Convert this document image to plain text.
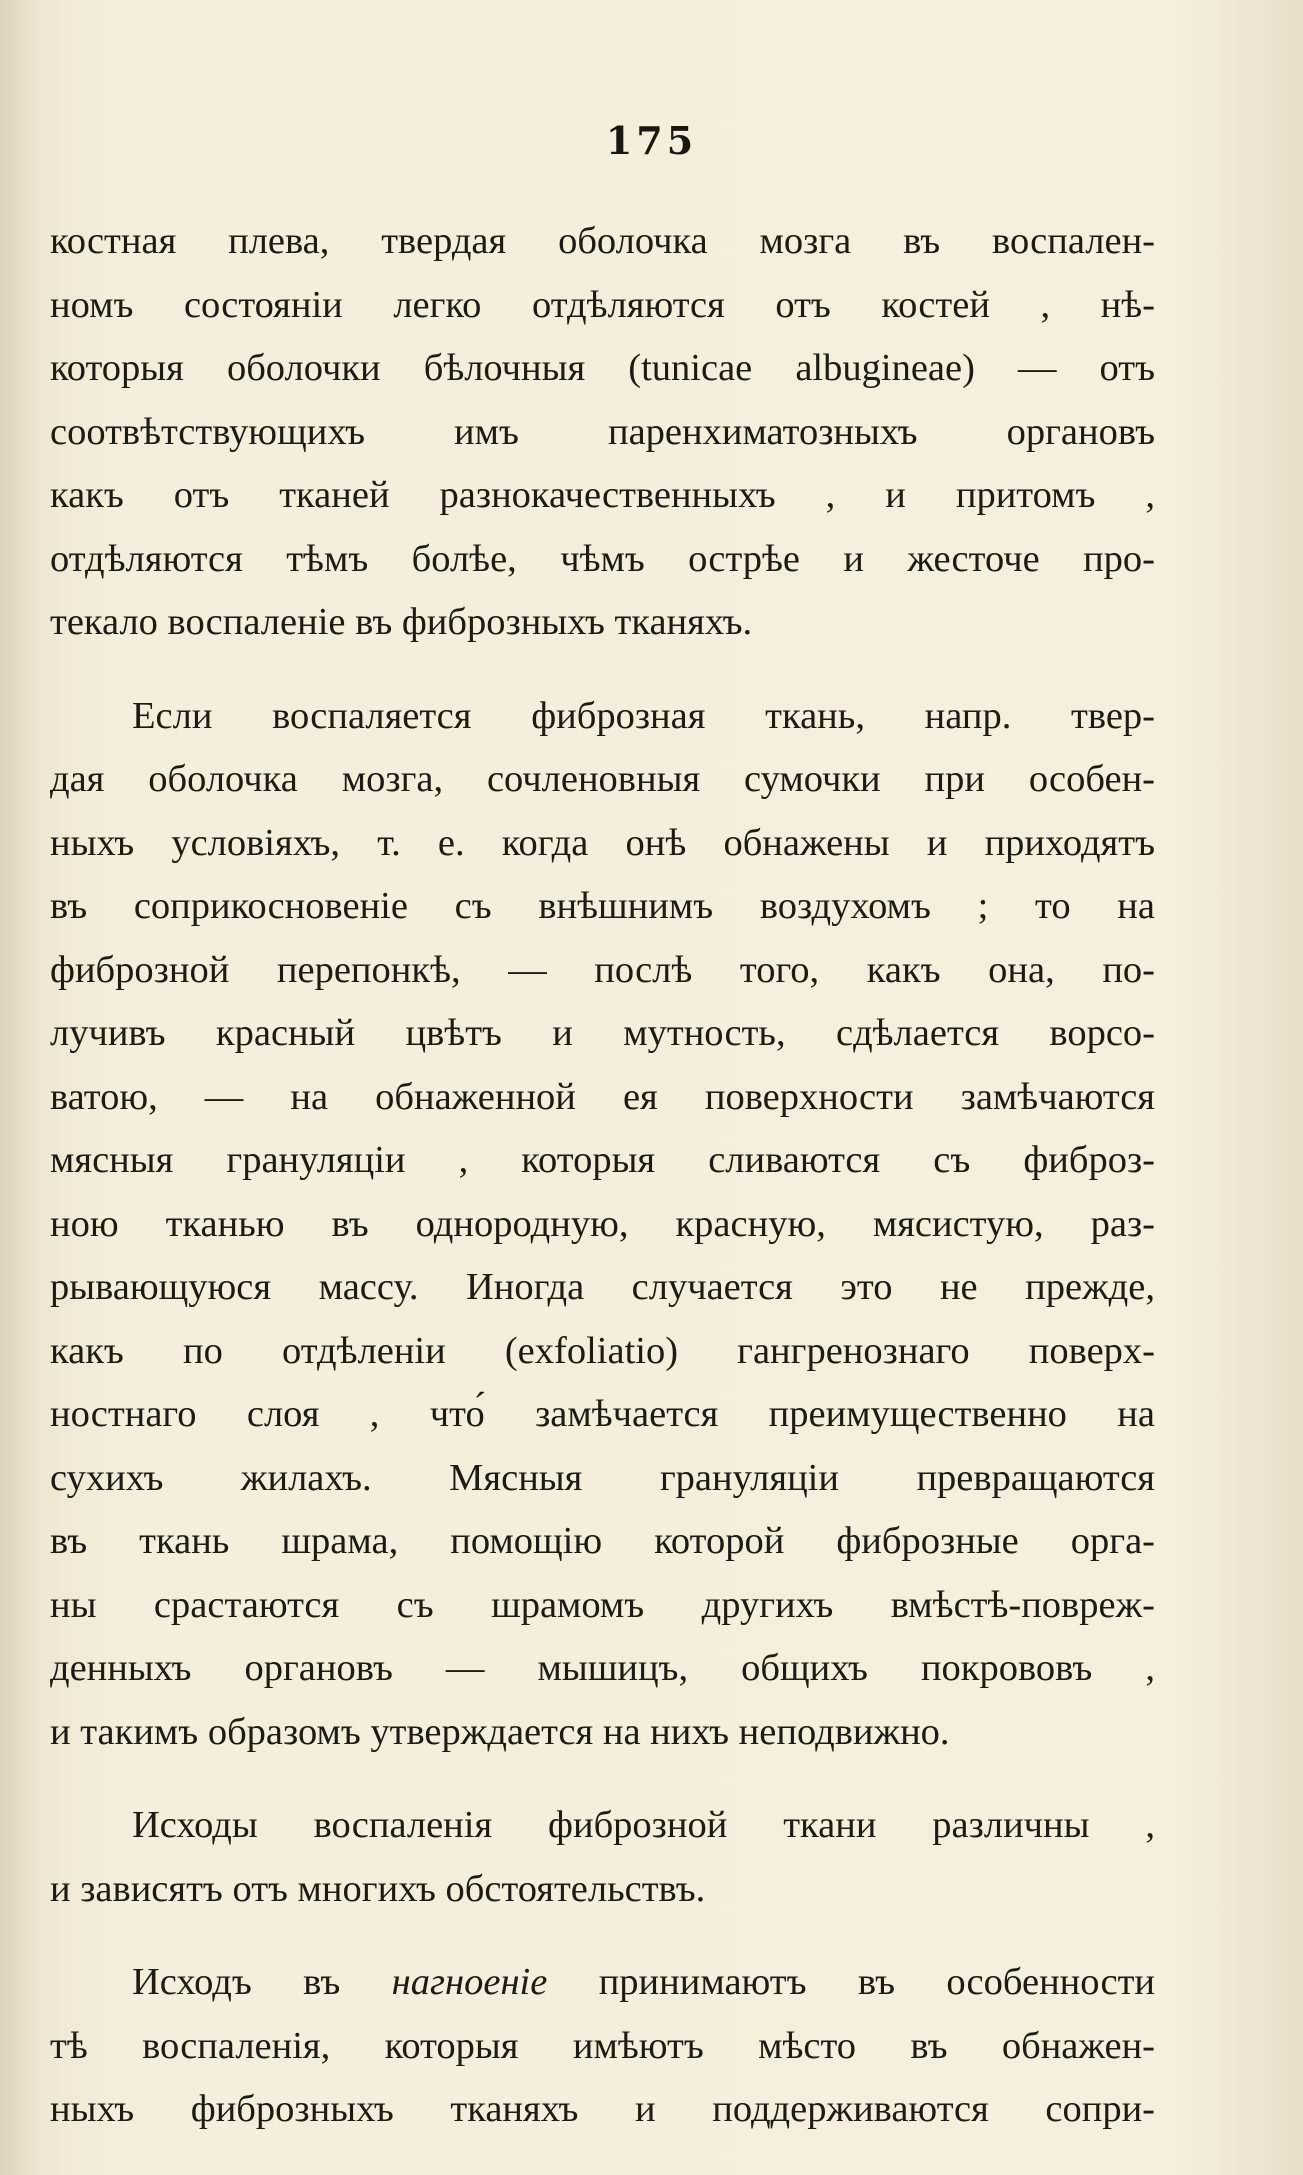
175
костная плева, твердая оболочка мозга въ воспален-
номъ состоянiи легко отдѣляются отъ костей , нѣ-
которыя оболочки бѣлочныя (tunicae albugineae) — отъ
соотвѣтствующихъ имъ паренхиматозныхъ органовъ
какъ отъ тканей разнокачественныхъ , и притомъ ,
отдѣляются тѣмъ болѣе, чѣмъ острѣе и жесточе про-
текало воспаленiе въ фиброзныхъ тканяхъ.
Если воспаляется фиброзная ткань, напр. твер-
дая оболочка мозга, сочленовныя сумочки при особен-
ныхъ условiяхъ, т. е. когда онѣ обнажены и приходятъ
въ соприкосновенiе съ внѣшнимъ воздухомъ ; то на
фиброзной перепонкѣ, — послѣ того, какъ она, по-
лучивъ красный цвѣтъ и мутность, сдѣлается ворсо-
ватою, — на обнаженной ея поверхности замѣчаются
мясныя грануляцiи , которыя сливаются съ фиброз-
ною тканью въ однородную, красную, мясистую, раз-
рывающуюся массу. Иногда случается это не прежде,
какъ по отдѣленiи (exfoliatio) гангренознаго поверх-
ностнаго слоя , что́ замѣчается преимущественно на
сухихъ жилахъ. Мясныя грануляцiи превращаются
въ ткань шрама, помощiю которой фиброзные орга-
ны срастаются съ шрамомъ другихъ вмѣстѣ-повреж-
денныхъ органовъ — мышицъ, общихъ покрововъ ,
и такимъ образомъ утверждается на нихъ неподвижно.
Исходы воспаленiя фиброзной ткани различны ,
и зависятъ отъ многихъ обстоятельствъ.
Исходъ въ нагноенiе принимаютъ въ особенности
тѣ воспаленiя, которыя имѣютъ мѣсто въ обнажен-
ныхъ фиброзныхъ тканяхъ и поддерживаются сопри-
